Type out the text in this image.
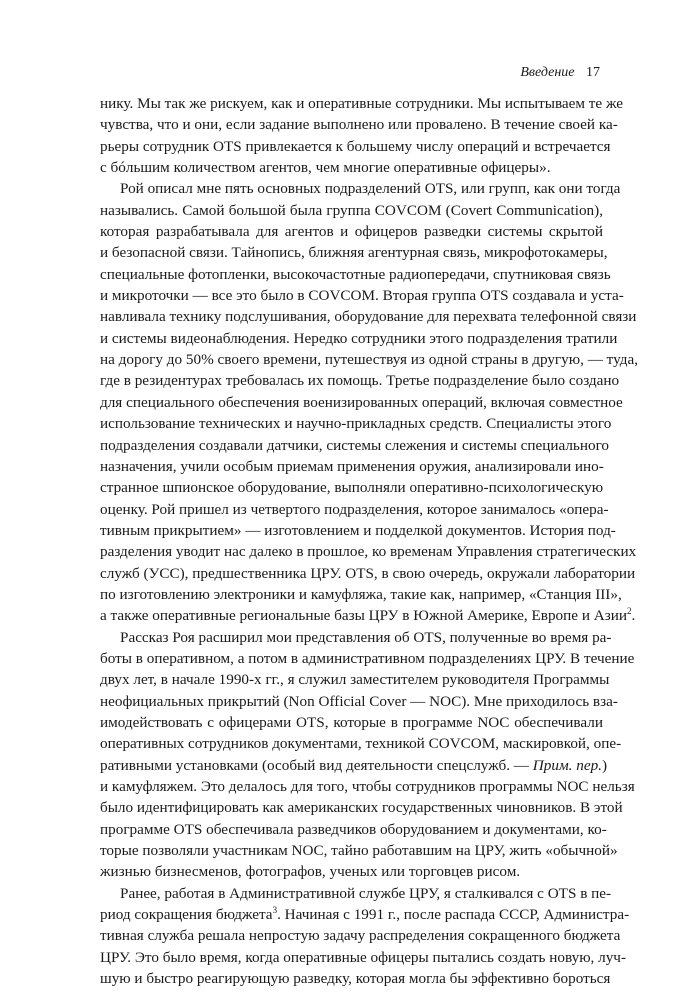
Введение 17

нику. Мы так же рискуем, как и оперативные сотрудники. Мы испытываем те же
чувства, что и они, если задание выполнено или провалено. В течение своей ка-
рьеры сотрудник OTS привлекается к большему числу операций и встречается
с бóльшим количеством агентов, чем многие оперативные офицеры».

Рой описал мне пять основных подразделений OTS, или групп, как они тогда
назывались. Самой большой была группа COVCOM (Covert Communication),
которая разрабатывала для агентов и офицеров разведки системы скрытой
и безопасной связи. Тайнопись, ближняя агентурная связь, микрофотокамеры,
специальные фотопленки, высокочастотные радиопередачи, спутниковая связь
и микроточки — все это было в COVCOM. Вторая группа OTS создавала и уста-
навливала технику подслушивания, оборудование для перехвата телефонной связи
и системы видеонаблюдения. Нередко сотрудники этого подразделения тратили
на дорогу до 50% своего времени, путешествуя из одной страны в другую, — туда,
где в резидентурах требовалась их помощь. Третье подразделение было создано
для специального обеспечения военизированных операций, включая совместное
использование технических и научно-прикладных средств. Специалисты этого
подразделения создавали датчики, системы слежения и системы специального
назначения, учили особым приемам применения оружия, анализировали ино-
странное шпионское оборудование, выполняли оперативно-психологическую
оценку. Рой пришел из четвертого подразделения, которое занималось «опера-
тивным прикрытием» — изготовлением и подделкой документов. История под-
разделения уводит нас далеко в прошлое, ко временам Управления стратегических
служб (УСС), предшественника ЦРУ. OTS, в свою очередь, окружали лаборатории
по изготовлению электроники и камуфляжа, такие как, например, «Станция III»,
а также оперативные региональные базы ЦРУ в Южной Америке, Европе и Азии$^2$.

Рассказ Роя расширил мои представления об OTS, полученные во время ра-
боты в оперативном, а потом в административном подразделениях ЦРУ. В течение
двух лет, в начале 1990-х гг., я служил заместителем руководителя Программы
неофициальных прикрытий (Non Official Cover — NOC). Мне приходилось вза-
имодействовать с офицерами OTS, которые в программе NOC обеспечивали
оперативных сотрудников документами, техникой COVCOM, маскировкой, опе-
ративными установками (особый вид деятельности спецслужб. — Прим. пер.)
и камуфляжем. Это делалось для того, чтобы сотрудников программы NOC нельзя
было идентифицировать как американских государственных чиновников. В этой
программе OTS обеспечивала разведчиков оборудованием и документами, ко-
торые позволяли участникам NOC, тайно работавшим на ЦРУ, жить «обычной»
жизнью бизнесменов, фотографов, ученых или торговцев рисом.

Ранее, работая в Административной службе ЦРУ, я сталкивался с OTS в пе-
риод сокращения бюджета$^3$. Начиная с 1991 г., после распада СССР, Администра-
тивная служба решала непростую задачу распределения сокращенного бюджета
ЦРУ. Это было время, когда оперативные офицеры пытались создать новую, луч-
шую и быстро реагирующую разведку, которая могла бы эффективно бороться
